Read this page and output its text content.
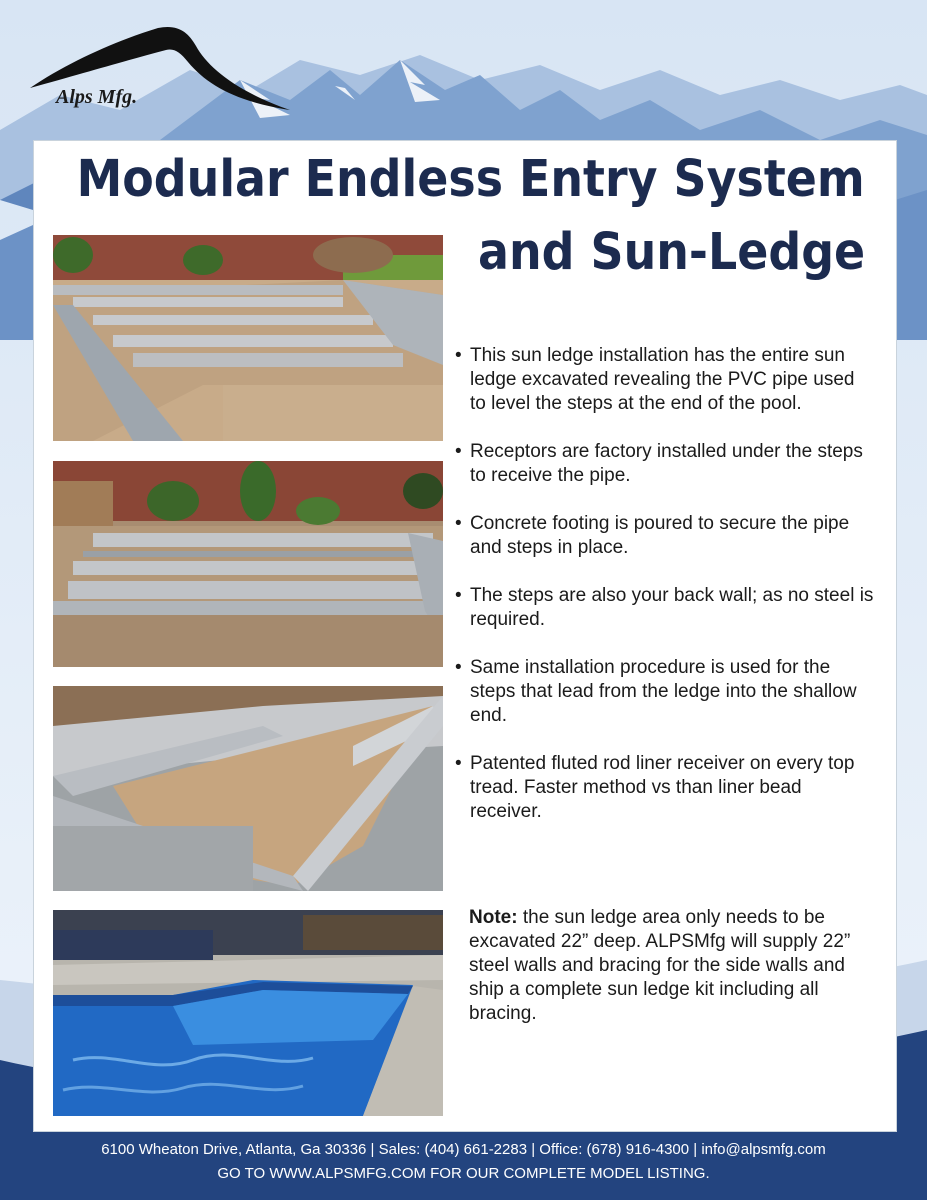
Alps Mfg.
Modular Endless Entry System
and Sun-Ledge

• This sun ledge installation has the entire sun ledge excavated revealing the PVC pipe used to level the steps at the end of the pool.

• Receptors are factory installed under the steps to receive the pipe.

• Concrete footing is poured to secure the pipe and steps in place.

• The steps are also your back wall; as no steel is required.

• Same installation procedure is used for the steps that lead from the ledge into the shallow end.

• Patented fluted rod liner receiver on every top tread. Faster method vs than liner bead receiver.

Note: the sun ledge area only needs to be excavated 22” deep. ALPSMfg will supply 22” steel walls and bracing for the side walls and ship a complete sun ledge kit including all bracing.
6100 Wheaton Drive, Atlanta, Ga 30336 | Sales: (404) 661-2283 | Office: (678) 916-4300 | info@alpsmfg.com
GO TO WWW.ALPSMFG.COM FOR OUR COMPLETE MODEL LISTING.
